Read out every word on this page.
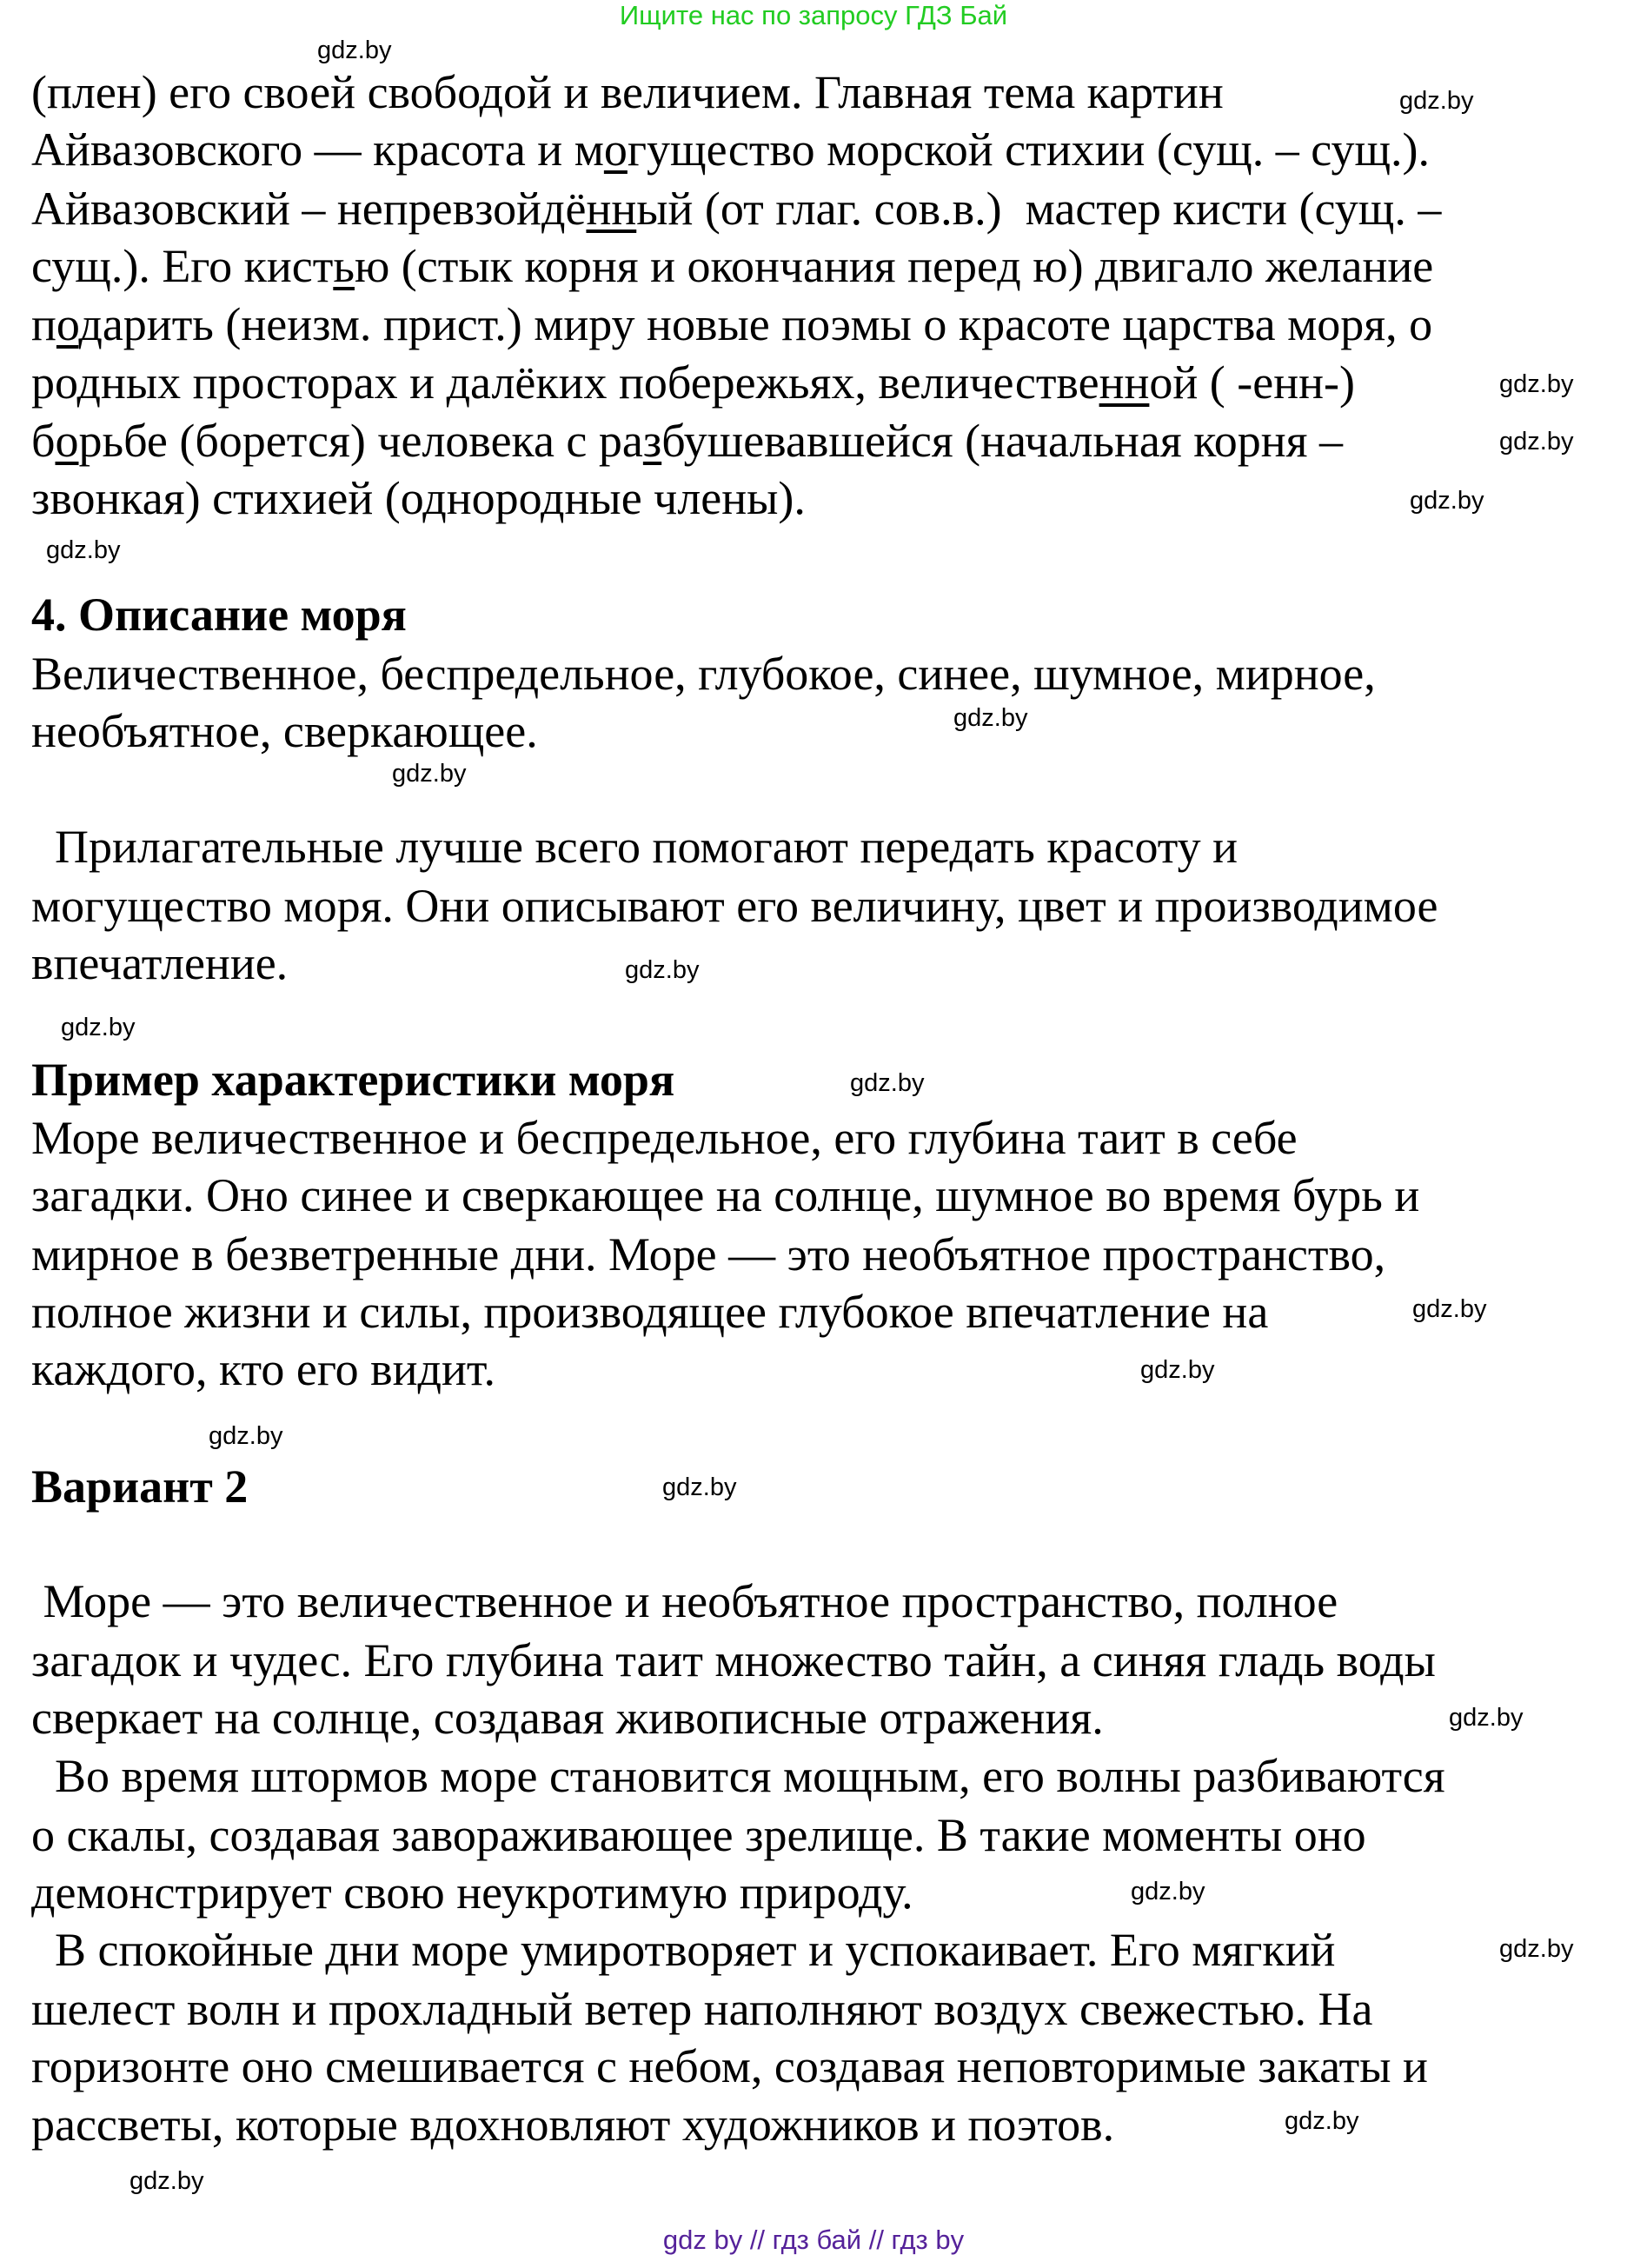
Ищите нас по запросу ГДЗ Бай
(плен) его своей свободой и величием. Главная тема картин
Айвазовского — красота и могущество морской стихии (сущ. – сущ.).
Айвазовский – непревзойдённый (от глаг. сов.в.)  мастер кисти (сущ. –
сущ.). Его кистью (стык корня и окончания перед ю) двигало желание
подарить (неизм. прист.) миру новые поэмы о красоте царства моря, о
родных просторах и далёких побережьях, величественной ( -енн-)
борьбе (борется) человека с разбушевавшейся (начальная корня –
звонкая) стихией (однородные члены).
4. Описание моря
Величественное, беспредельное, глубокое, синее, шумное, мирное,
необъятное, сверкающее.
Прилагательные лучше всего помогают передать красоту и
могущество моря. Они описывают его величину, цвет и производимое
впечатление.
Пример характеристики моря
Море величественное и беспредельное, его глубина таит в себе
загадки. Оно синее и сверкающее на солнце, шумное во время бурь и
мирное в безветренные дни. Море — это необъятное пространство,
полное жизни и силы, производящее глубокое впечатление на
каждого, кто его видит.
Вариант 2
Море — это величественное и необъятное пространство, полное
загадок и чудес. Его глубина таит множество тайн, а синяя гладь воды
сверкает на солнце, создавая живописные отражения.
Во время штормов море становится мощным, его волны разбиваются
о скалы, создавая завораживающее зрелище. В такие моменты оно
демонстрирует свою неукротимую природу.
В спокойные дни море умиротворяет и успокаивает. Его мягкий
шелест волн и прохладный ветер наполняют воздух свежестью. На
горизонте оно смешивается с небом, создавая неповторимые закаты и
рассветы, которые вдохновляют художников и поэтов.
gdz.by
gdz.by
gdz.by
gdz.by
gdz.by
gdz.by
gdz.by
gdz.by
gdz.by
gdz.by
gdz.by
gdz.by
gdz.by
gdz.by
gdz.by
gdz.by
gdz.by
gdz.by
gdz.by
gdz.by
gdz by // гдз бай // гдз by
